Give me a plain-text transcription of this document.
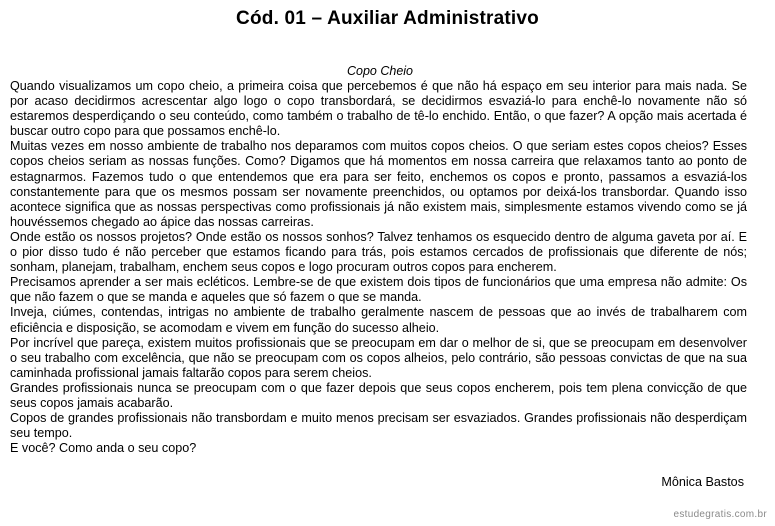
Cód. 01 – Auxiliar Administrativo
Copo Cheio

Quando visualizamos um copo cheio, a primeira coisa que percebemos é que não há espaço em seu interior para mais nada. Se por acaso decidirmos acrescentar algo logo o copo transbordará, se decidirmos esvaziá-lo para enchê-lo novamente não só estaremos desperdiçando o seu conteúdo, como também o trabalho de tê-lo enchido. Então, o que fazer? A opção mais acertada é buscar outro copo para que possamos enchê-lo.

Muitas vezes em nosso ambiente de trabalho nos deparamos com muitos copos cheios. O que seriam estes copos cheios? Esses copos cheios seriam as nossas funções. Como? Digamos que há momentos em nossa carreira que relaxamos tanto ao ponto de estagnarmos. Fazemos tudo o que entendemos que era para ser feito, enchemos os copos e pronto, passamos a esvaziá-los constantemente para que os mesmos possam ser novamente preenchidos, ou optamos por deixá-los transbordar. Quando isso acontece significa que as nossas perspectivas como profissionais já não existem mais, simplesmente estamos vivendo como se já houvéssemos chegado ao ápice das nossas carreiras.

Onde estão os nossos projetos? Onde estão os nossos sonhos? Talvez tenhamos os esquecido dentro de alguma gaveta por aí. E o pior disso tudo é não perceber que estamos ficando para trás, pois estamos cercados de profissionais que diferente de nós; sonham, planejam, trabalham, enchem seus copos e logo procuram outros copos para encherem.

Precisamos aprender a ser mais ecléticos. Lembre-se de que existem dois tipos de funcionários que uma empresa não admite: Os que não fazem o que se manda e aqueles que só fazem o que se manda.

Inveja, ciúmes, contendas, intrigas no ambiente de trabalho geralmente nascem de pessoas que ao invés de trabalharem com eficiência e disposição, se acomodam e vivem em função do sucesso alheio.

Por incrível que pareça, existem muitos profissionais que se preocupam em dar o melhor de si, que se preocupam em desenvolver o seu trabalho com excelência, que não se preocupam com os copos alheios, pelo contrário, são pessoas convictas de que na sua caminhada profissional jamais faltarão copos para serem cheios.

Grandes profissionais nunca se preocupam com o que fazer depois que seus copos encherem, pois tem plena convicção de que seus copos jamais acabarão.

Copos de grandes profissionais não transbordam e muito menos precisam ser esvaziados. Grandes profissionais não desperdiçam seu tempo.

E você? Como anda o seu copo?

Mônica Bastos
estudegratis.com.br
